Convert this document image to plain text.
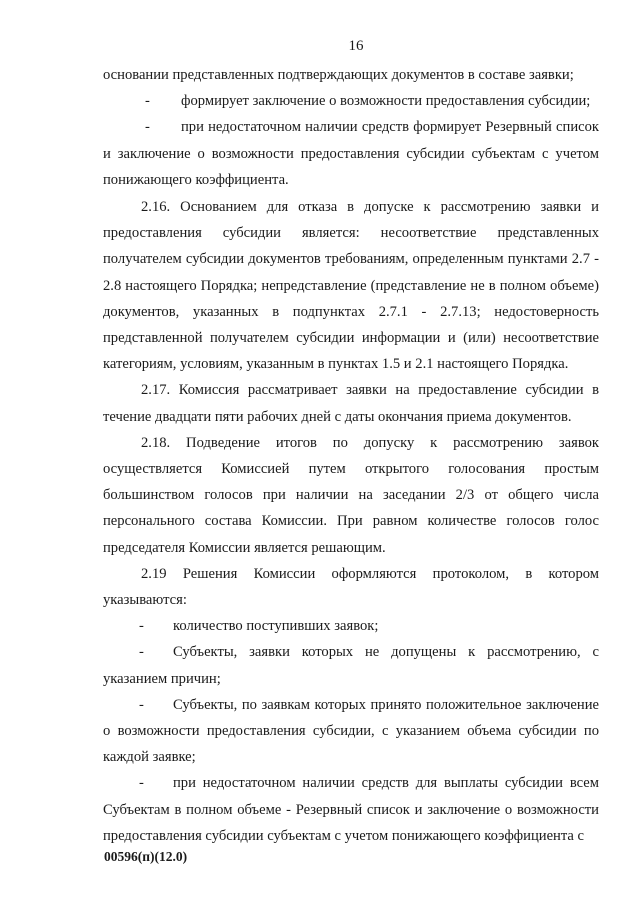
16

основании представленных подтверждающих документов в составе заявки;

- формирует заключение о возможности предоставления субсидии;

- при недостаточном наличии средств формирует Резервный список и заключение о возможности предоставления субсидии субъектам с учетом понижающего коэффициента.

2.16. Основанием для отказа в допуске к рассмотрению заявки и предоставления субсидии является: несоответствие представленных получателем субсидии документов требованиям, определенным пунктами 2.7 - 2.8 настоящего Порядка; непредставление (представление не в полном объеме) документов, указанных в подпунктах 2.7.1 - 2.7.13; недостоверность представленной получателем субсидии информации и (или) несоответствие категориям, условиям, указанным в пунктах 1.5 и 2.1 настоящего Порядка.

2.17. Комиссия рассматривает заявки на предоставление субсидии в течение двадцати пяти рабочих дней с даты окончания приема документов.

2.18. Подведение итогов по допуску к рассмотрению заявок осуществляется Комиссией путем открытого голосования простым большинством голосов при наличии на заседании 2/3 от общего числа персонального состава Комиссии. При равном количестве голосов голос председателя Комиссии является решающим.

2.19 Решения Комиссии оформляются протоколом, в котором указываются:

- количество поступивших заявок;

- Субъекты, заявки которых не допущены к рассмотрению, с указанием причин;

- Субъекты, по заявкам которых принято положительное заключение о возможности предоставления субсидии, с указанием объема субсидии по каждой заявке;

- при недостаточном наличии средств для выплаты субсидии всем Субъектам в полном объеме - Резервный список и заключение о возможности предоставления субсидии субъектам с учетом понижающего коэффициента с

00596(п)(12.0)
